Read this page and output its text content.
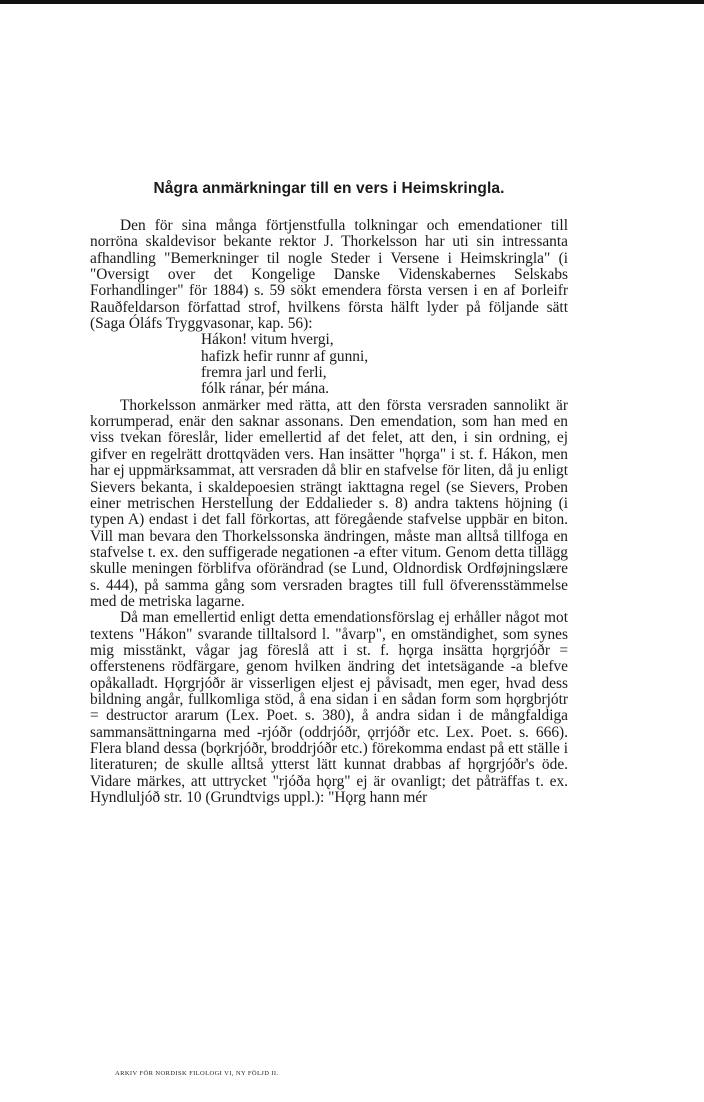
Några anmärkningar till en vers i Heimskringla.

Den för sina många förtjenstfulla tolkningar och emendationer till norröna skaldevisor bekante rektor J. Thorkelsson har uti sin intressanta afhandling "Bemerkninger til nogle Steder i Versene i Heimskringla" (i "Oversigt over det Kongelige Danske Videnskabernes Selskabs Forhandlinger" för 1884) s. 59 sökt emendera första versen i en af Þorleifr Rauðfeldarson författad strof, hvilkens första hälft lyder på följande sätt (Saga Óláfs Tryggvasonar, kap. 56):

Hákon! vitum hvergi,
hafizk hefir runnr af gunni,
fremra jarl und ferli,
fólk ránar, þér mána.

Thorkelsson anmärker med rätta, att den första versraden sannolikt är korrumperad, enär den saknar assonans. Den emendation, som han med en viss tvekan föreslår, lider emellertid af det felet, att den, i sin ordning, ej gifver en regelrätt drottqväden vers. Han insätter "hǫrga" i st. f. Hákon, men har ej uppmärksammat, att versraden då blir en stafvelse för liten, då ju enligt Sievers bekanta, i skaldepoesien strängt iakttagna regel (se Sievers, Proben einer metrischen Herstellung der Eddalieder s. 8) andra taktens höjning (i typen A) endast i det fall förkortas, att föregående stafvelse uppbär en biton. Vill man bevara den Thorkelssonska ändringen, måste man alltså tillfoga en stafvelse t. ex. den suffigerade negationen -a efter vitum. Genom detta tillägg skulle meningen förblifva oförändrad (se Lund, Oldnordisk Ordføjningslære s. 444), på samma gång som versraden bragtes till full öfverensstämmelse med de metriska lagarne.

Då man emellertid enligt detta emendationsförslag ej erhåller något mot textens "Hákon" svarande tilltalsord l. "åvarp", en omständighet, som synes mig misstänkt, vågar jag föreslå att i st. f. hǫrga insätta hǫrgrjóðr = offerstenens rödfärgare, genom hvilken ändring det intetsägande -a blefve opåkalladt. Hǫrgrjóðr är visserligen eljest ej påvisadt, men eger, hvad dess bildning angår, fullkomliga stöd, å ena sidan i en sådan form som hǫrgbrjótr = destructor ararum (Lex. Poet. s. 380), å andra sidan i de mångfaldiga sammansättningarna med -rjóðr (oddrjóðr, ǫrrjóðr etc. Lex. Poet. s. 666). Flera bland dessa (bǫrkrjóðr, broddrjóðr etc.) förekomma endast på ett ställe i literaturen; de skulle alltså ytterst lätt kunnat drabbas af hǫrgrjóðr's öde. Vidare märkes, att uttrycket "rjóða hǫrg" ej är ovanligt; det påträffas t. ex. Hyndluljóð str. 10 (Grundtvigs uppl.): "Hǫrg hann mér

ARKIV FÖR NORDISK FILOLOGI VI, NY FÖLJD II.
